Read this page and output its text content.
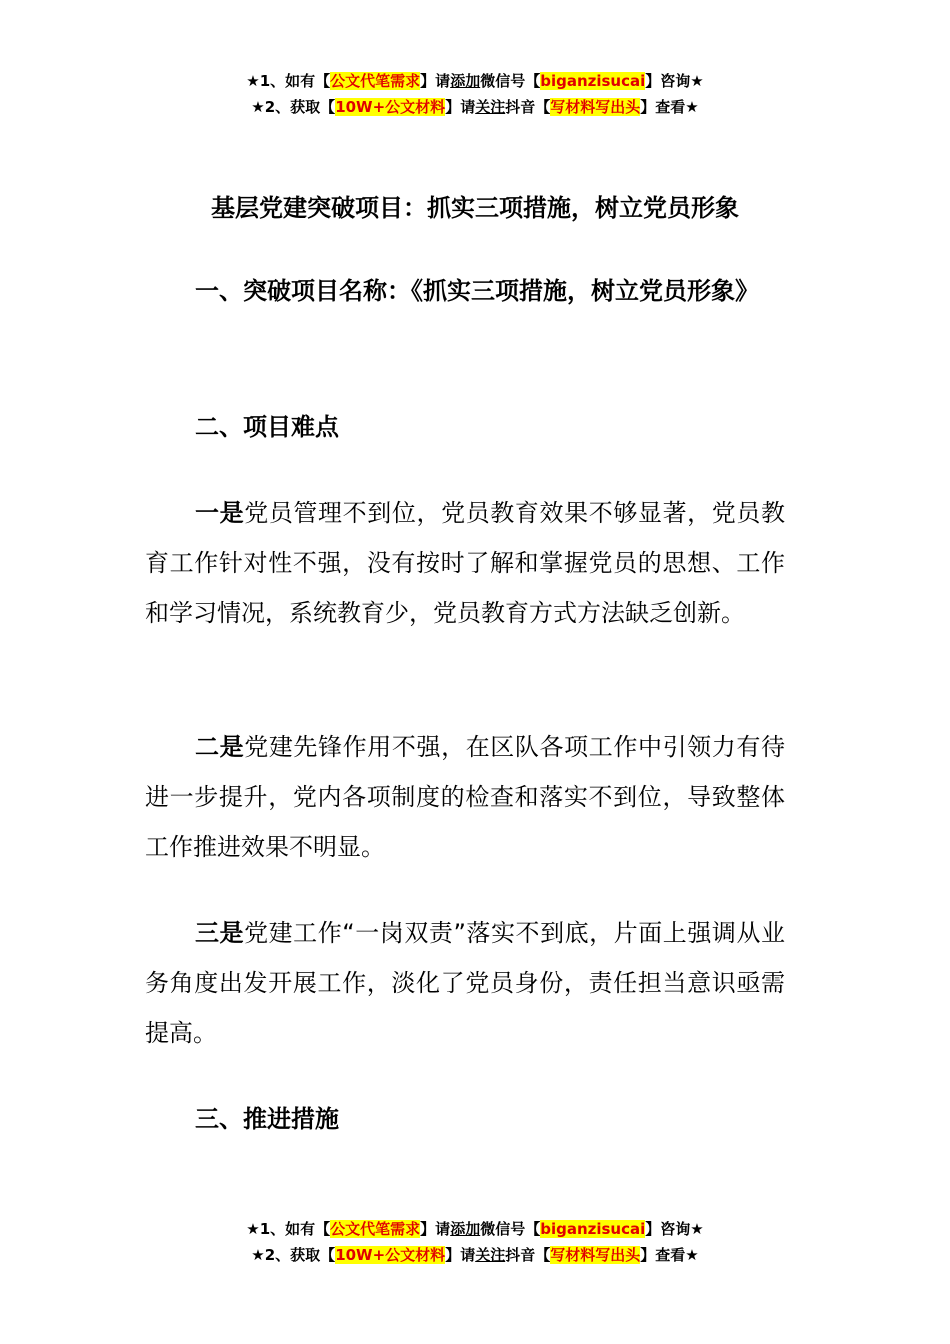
★1、如有【公文代笔需求】请添加微信号【biganzisucai】咨询★
★2、获取【10W+公文材料】请关注抖音【写材料写出头】查看★
基层党建突破项目：抓实三项措施，树立党员形象
一、突破项目名称：《抓实三项措施，树立党员形象》
二、项目难点
一是党员管理不到位，党员教育效果不够显著，党员教育工作针对性不强，没有按时了解和掌握党员的思想、工作和学习情况，系统教育少，党员教育方式方法缺乏创新。
二是党建先锋作用不强，在区队各项工作中引领力有待进一步提升，党内各项制度的检查和落实不到位，导致整体工作推进效果不明显。
三是党建工作“一岗双责”落实不到底，片面上强调从业务角度出发开展工作，淡化了党员身份，责任担当意识亟需提高。
三、推进措施
★1、如有【公文代笔需求】请添加微信号【biganzisucai】咨询★
★2、获取【10W+公文材料】请关注抖音【写材料写出头】查看★
